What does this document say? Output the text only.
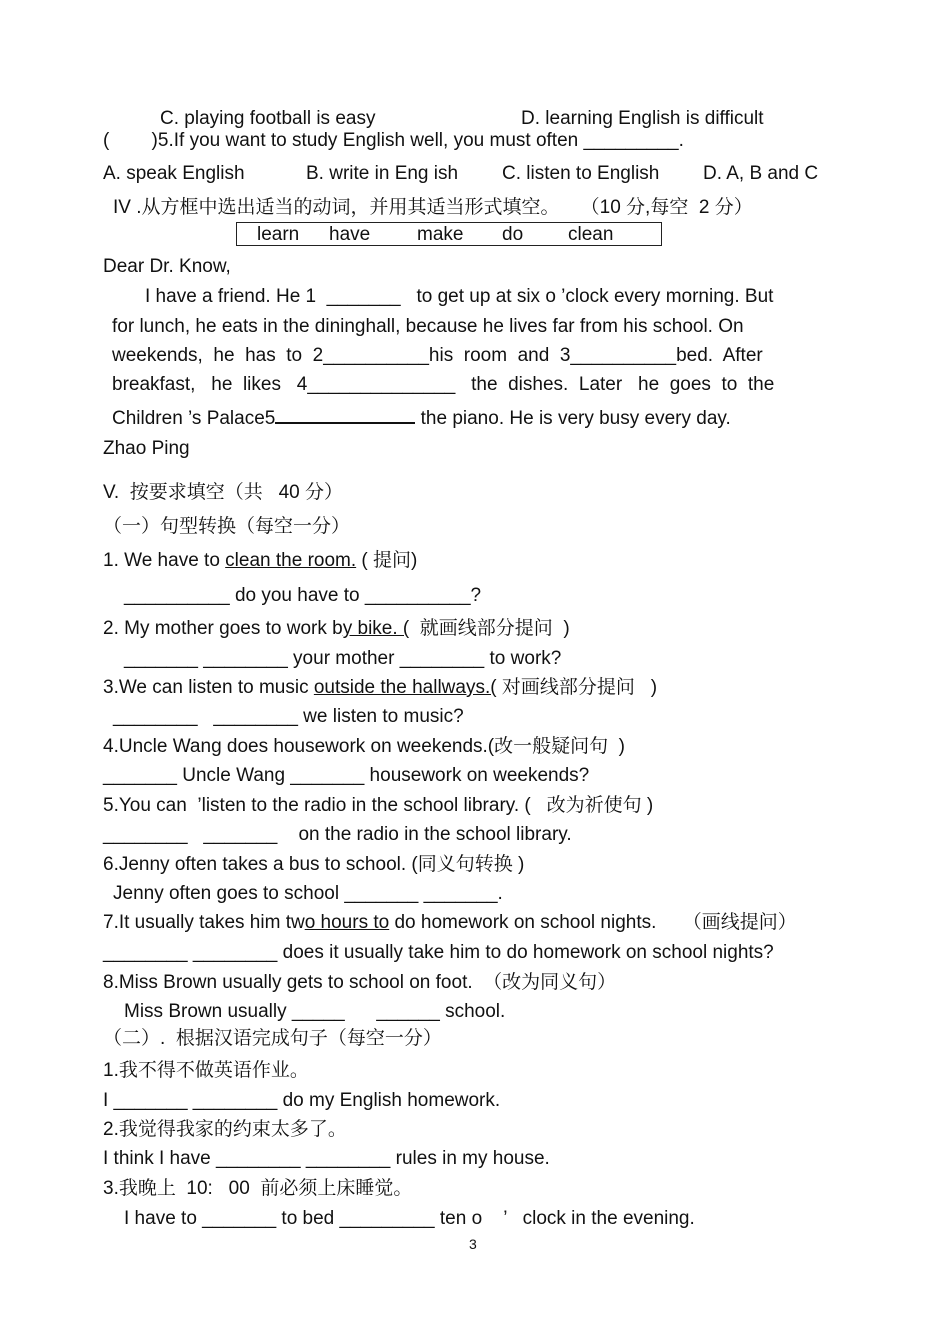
C. playing football is easy	D. learning English is difficult
(        )5.If you want to study English well, you must often _________.
A. speak English	B. write in Eng ish C. listen to English D. A, B and C
IV .从方框中选出适当的动词，并用其适当形式填空。    （10 分,每空  2 分）
learn have make do clean
Dear Dr. Know,
I have a friend. He 1  _______   to get up at six o ’clock every morning. But
for lunch, he eats in the dininghall, because he lives far from his school. On
weekends,  he  has  to  2__________his  room  and  3__________bed.  After
breakfast,   he  likes   4______________   the  dishes.  Later   he  goes  to  the
Children ’s Palace5	the piano. He is very busy every day.
Zhao Ping
V.  按要求填空（共   40 分）
（一）句型转换（每空一分）
1. We have to clean the room. ( 提问)
__________ do you have to __________?
2. My mother goes to work by bike. (  就画线部分提问  )
_______ ________ your mother ________ to work?
3.We can listen to music outside the hallways.( 对画线部分提问   )
________   ________ we listen to music?
4.Uncle Wang does housework on weekends.(改一般疑问句  )
_______ Uncle Wang _______ housework on weekends?
5.You can  ’listen to the radio in the school library. (   改为祈使句 )
________   _______    on the radio in the school library.
6.Jenny often takes a bus to school. (同义句转换 )
Jenny often goes to school _______ _______.
7.It usually takes him two hours to do homework on school nights.     （画线提问）
________ ________ does it usually take him to do homework on school nights?
8.Miss Brown usually gets to school on foot.  （改为同义句）
Miss Brown usually _____      ______ school.
（二）.  根据汉语完成句子（每空一分）
1.我不得不做英语作业。
I _______ ________ do my English homework.
2.我觉得我家的约束太多了。
I think I have ________ ________ rules in my house.
3.我晚上  10:   00  前必须上床睡觉。
I have to _______ to bed _________ ten o    ’   clock in the evening.
3
